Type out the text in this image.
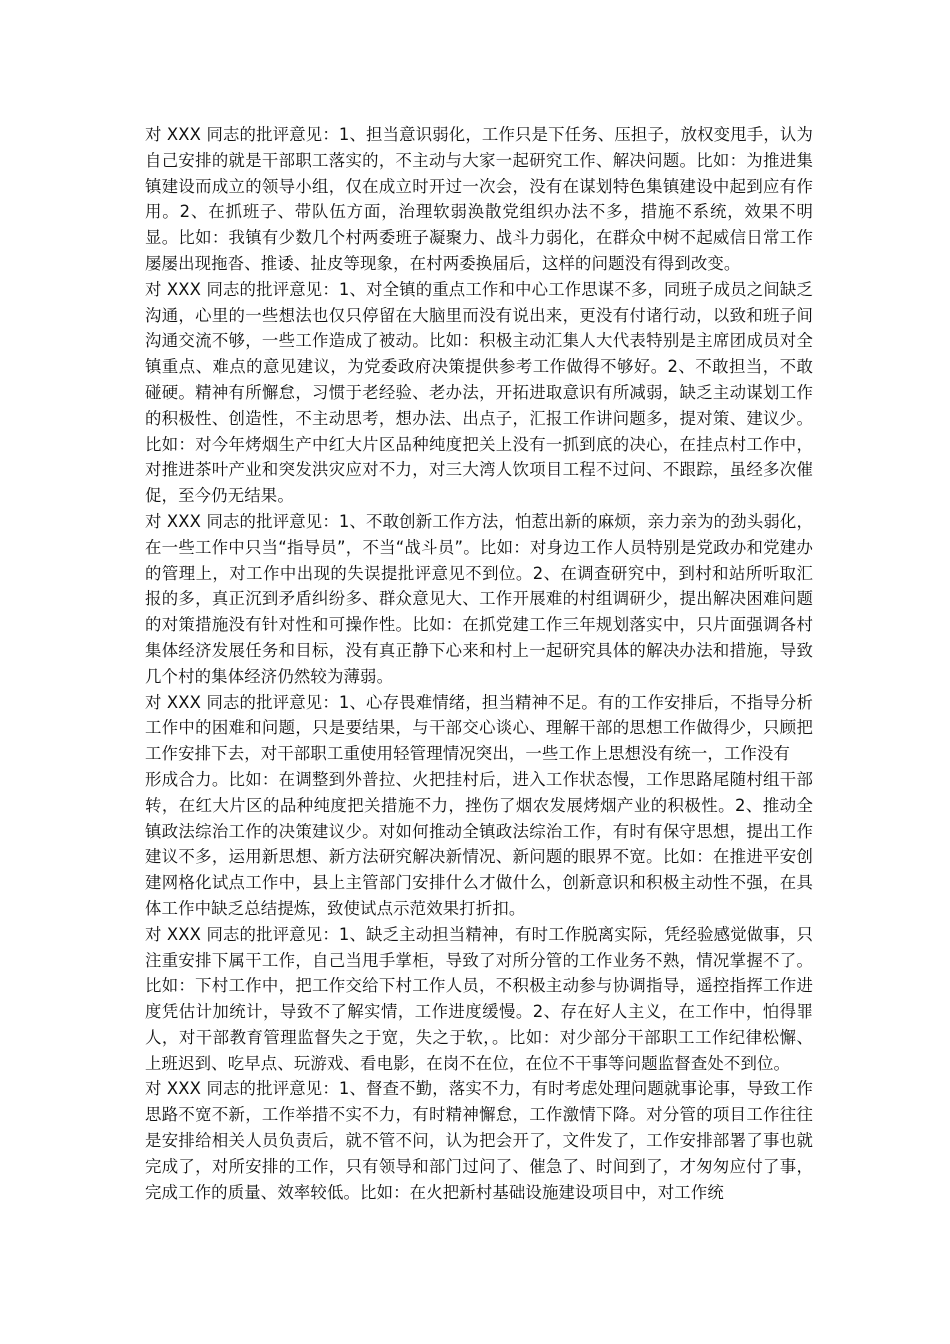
对 XXX 同志的批评意见：1、担当意识弱化，工作只是下任务、压担子，放权变甩手，认为自己安排的就是干部职工落实的，不主动与大家一起研究工作、解决问题。比如：为推进集镇建设而成立的领导小组，仅在成立时开过一次会，没有在谋划特色集镇建设中起到应有作用。2、在抓班子、带队伍方面，治理软弱涣散党组织办法不多，措施不系统，效果不明显。比如：我镇有少数几个村两委班子凝聚力、战斗力弱化，在群众中树不起威信日常工作屡屡出现拖沓、推诿、扯皮等现象，在村两委换届后，这样的问题没有得到改变。

对 XXX 同志的批评意见：1、对全镇的重点工作和中心工作思谋不多，同班子成员之间缺乏沟通，心里的一些想法也仅只停留在大脑里而没有说出来，更没有付诸行动，以致和班子间沟通交流不够，一些工作造成了被动。比如：积极主动汇集人大代表特别是主席团成员对全镇重点、难点的意见建议，为党委政府决策提供参考工作做得不够好。2、不敢担当，不敢碰硬。精神有所懈怠，习惯于老经验、老办法，开拓进取意识有所减弱，缺乏主动谋划工作的积极性、创造性，不主动思考，想办法、出点子，汇报工作讲问题多，提对策、建议少。比如：对今年烤烟生产中红大片区品种纯度把关上没有一抓到底的决心，在挂点村工作中，对推进茶叶产业和突发洪灾应对不力，对三大湾人饮项目工程不过问、不跟踪，虽经多次催促，至今仍无结果。

对 XXX 同志的批评意见：1、不敢创新工作方法，怕惹出新的麻烦，亲力亲为的劲头弱化，在一些工作中只当“指导员”，不当“战斗员”。比如：对身边工作人员特别是党政办和党建办的管理上，对工作中出现的失误提批评意见不到位。2、在调查研究中，到村和站所听取汇报的多，真正沉到矛盾纠纷多、群众意见大、工作开展难的村组调研少，提出解决困难问题的对策措施没有针对性和可操作性。比如：在抓党建工作三年规划落实中，只片面强调各村集体经济发展任务和目标，没有真正静下心来和村上一起研究具体的解决办法和措施，导致几个村的集体经济仍然较为薄弱。

对 XXX 同志的批评意见：1、心存畏难情绪，担当精神不足。有的工作安排后，不指导分析工作中的困难和问题，只是要结果，与干部交心谈心、理解干部的思想工作做得少，只顾把工作安排下去，对干部职工重使用轻管理情况突出，一些工作上思想没有统一，工作没有
形成合力。比如：在调整到外普拉、火把挂村后，进入工作状态慢，工作思路尾随村组干部转，在红大片区的品种纯度把关措施不力，挫伤了烟农发展烤烟产业的积极性。2、推动全镇政法综治工作的决策建议少。对如何推动全镇政法综治工作，有时有保守思想，提出工作建议不多，运用新思想、新方法研究解决新情况、新问题的眼界不宽。比如：在推进平安创建网格化试点工作中，县上主管部门安排什么才做什么，创新意识和积极主动性不强，在具体工作中缺乏总结提炼，致使试点示范效果打折扣。

对 XXX 同志的批评意见：1、缺乏主动担当精神，有时工作脱离实际，凭经验感觉做事，只注重安排下属干工作，自己当甩手掌柜，导致了对所分管的工作业务不熟，情况掌握不了。比如：下村工作中，把工作交给下村工作人员，不积极主动参与协调指导，遥控指挥工作进度凭估计加统计，导致不了解实情，工作进度缓慢。2、存在好人主义，在工作中，怕得罪人，对干部教育管理监督失之于宽，失之于软，。比如：对少部分干部职工工作纪律松懈、上班迟到、吃早点、玩游戏、看电影，在岗不在位，在位不干事等问题监督查处不到位。

对 XXX 同志的批评意见：1、督查不勤，落实不力，有时考虑处理问题就事论事，导致工作思路不宽不新，工作举措不实不力，有时精神懈怠，工作激情下降。对分管的项目工作往往是安排给相关人员负责后，就不管不问，认为把会开了，文件发了，工作安排部署了事也就完成了，对所安排的工作，只有领导和部门过问了、催急了、时间到了，才匆匆应付了事，完成工作的质量、效率较低。比如：在火把新村基础设施建设项目中，对工作统
